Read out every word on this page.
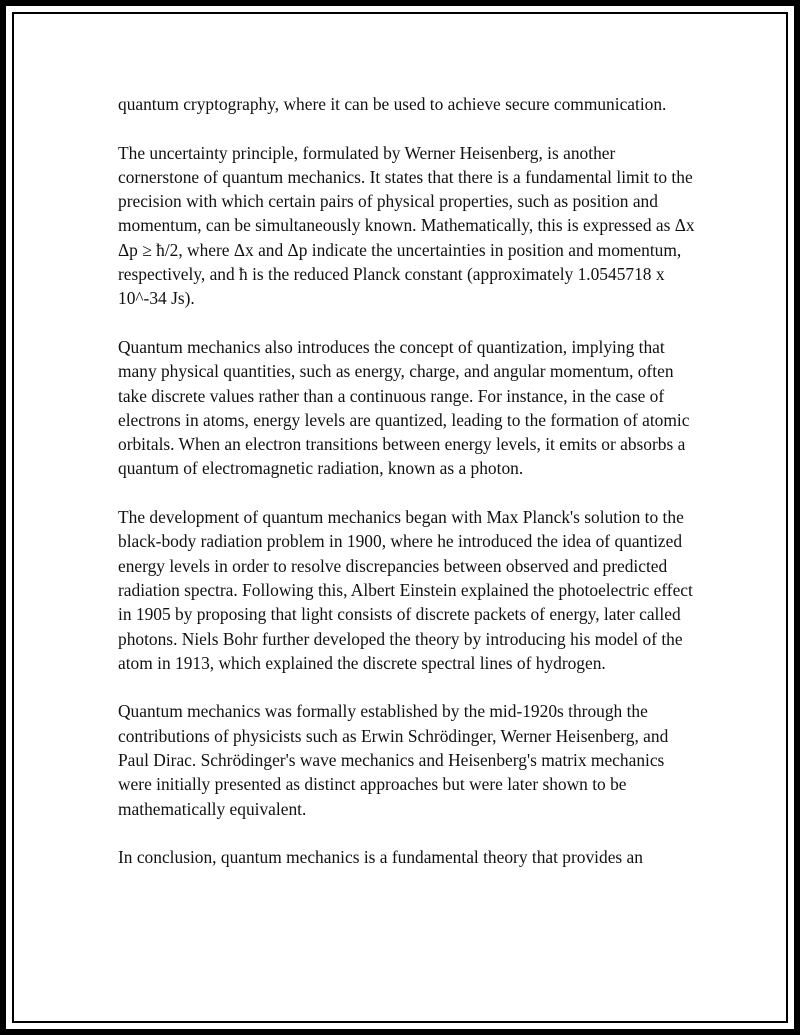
quantum cryptography, where it can be used to achieve secure communication.

The uncertainty principle, formulated by Werner Heisenberg, is another cornerstone of quantum mechanics. It states that there is a fundamental limit to the precision with which certain pairs of physical properties, such as position and momentum, can be simultaneously known. Mathematically, this is expressed as Δx Δp ≥ ħ/2, where Δx and Δp indicate the uncertainties in position and momentum, respectively, and ħ is the reduced Planck constant (approximately 1.0545718 x 10^-34 Js).

Quantum mechanics also introduces the concept of quantization, implying that many physical quantities, such as energy, charge, and angular momentum, often take discrete values rather than a continuous range. For instance, in the case of electrons in atoms, energy levels are quantized, leading to the formation of atomic orbitals. When an electron transitions between energy levels, it emits or absorbs a quantum of electromagnetic radiation, known as a photon.

The development of quantum mechanics began with Max Planck's solution to the black-body radiation problem in 1900, where he introduced the idea of quantized energy levels in order to resolve discrepancies between observed and predicted radiation spectra. Following this, Albert Einstein explained the photoelectric effect in 1905 by proposing that light consists of discrete packets of energy, later called photons. Niels Bohr further developed the theory by introducing his model of the atom in 1913, which explained the discrete spectral lines of hydrogen.

Quantum mechanics was formally established by the mid-1920s through the contributions of physicists such as Erwin Schrödinger, Werner Heisenberg, and Paul Dirac. Schrödinger's wave mechanics and Heisenberg's matrix mechanics were initially presented as distinct approaches but were later shown to be mathematically equivalent.

In conclusion, quantum mechanics is a fundamental theory that provides an
